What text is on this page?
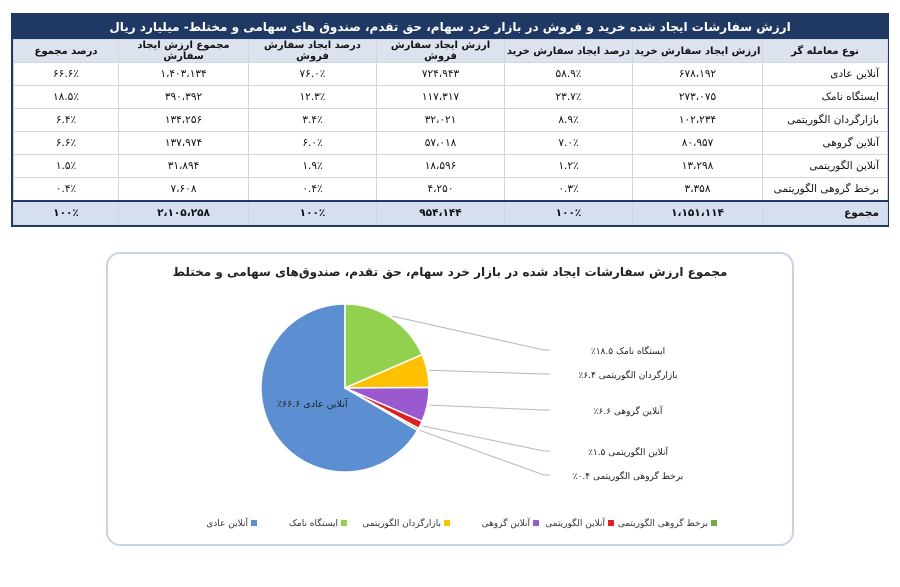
ارزش سفارشات ایجاد شده خرید و فروش در بازار خرد سهام، حق تقدم، صندوق های سهامی و مختلط- میلیارد ریال
نوع معامله گر	ارزش ایجاد سفارش خرید	درصد ایجاد سفارش خرید	ارزش ایجاد سفارش فروش	درصد ایجاد سفارش فروش	مجموع ارزش ایجاد سفارش	درصد مجموع
آنلاین عادی	۶۷۸،۱۹۲	۵۸.۹٪	۷۲۴،۹۴۳	۷۶.۰٪	۱،۴۰۳،۱۳۴	۶۶.۶٪
ایستگاه نامک	۲۷۳،۰۷۵	۲۳.۷٪	۱۱۷،۳۱۷	۱۲.۳٪	۳۹۰،۳۹۲	۱۸.۵٪
بازارگردان الگوریتمی	۱۰۲،۲۳۴	۸.۹٪	۳۲،۰۲۱	۳.۴٪	۱۳۴،۲۵۶	۶.۴٪
آنلاین گروهی	۸۰،۹۵۷	۷.۰٪	۵۷،۰۱۸	۶.۰٪	۱۳۷،۹۷۴	۶.۶٪
آنلاین الگوریتمی	۱۳،۲۹۸	۱.۲٪	۱۸،۵۹۶	۱.۹٪	۳۱،۸۹۴	۱.۵٪
برخط گروهی الگوریتمی	۳،۳۵۸	۰.۳٪	۴،۲۵۰	۰.۴٪	۷،۶۰۸	۰.۴٪
مجموع	۱،۱۵۱،۱۱۴	۱۰۰٪	۹۵۴،۱۴۴	۱۰۰٪	۲،۱۰۵،۲۵۸	۱۰۰٪
مجموع ارزش سفارشات ایجاد شده در بازار خرد سهام، حق تقدم، صندوق‌های سهامی و مختلط
آنلاین عادی ۶۶.۶٪
ایستگاه نامک ۱۸.۵٪
بازارگردان الگوریتمی ۶.۴٪
آنلاین گروهی ۶.۶٪
آنلاین الگوریتمی ۱.۵٪
برخط گروهی الگوریتمی ۰.۴٪
آنلاین عادی	ایستگاه نامک	بازارگردان الگوریتمی	آنلاین گروهی آنلاین الگوریتمی برخط گروهی الگوریتمی
